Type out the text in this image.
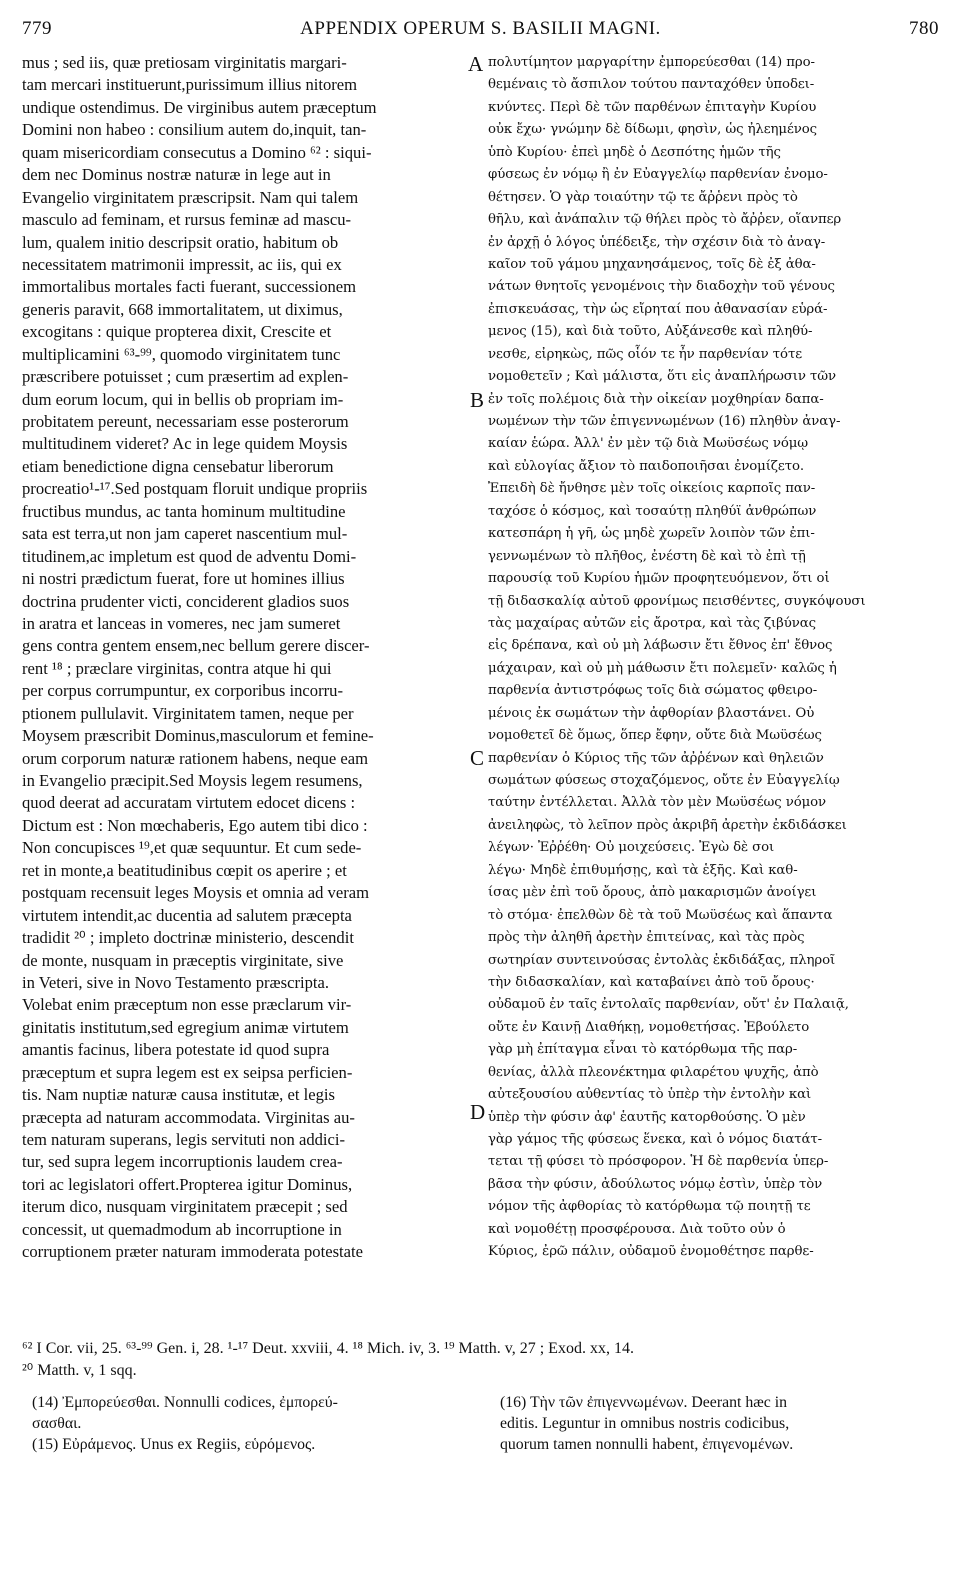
779	APPENDIX OPERUM S. BASILII MAGNI.	780
mus ; sed iis, quæ pretiosam virginitatis margari-
tam mercari instituerunt,purissimum illius nitorem
undique ostendimus. De virginibus autem præceptum
Domini non habeo : consilium autem do,inquit, tan-
quam misericordiam consecutus a Domino ⁶² : siqui-
dem nec Dominus nostræ naturæ in lege aut in
Evangelio virginitatem præscripsit. Nam qui talem
masculo ad feminam, et rursus feminæ ad mascu-
lum, qualem initio descripsit oratio, habitum ob
necessitatem matrimonii impressit, ac iis, qui ex
immortalibus mortales facti fuerant, successionem
generis paravit, 668 immortalitatem, ut diximus,
excogitans : quique propterea dixit, Crescite et
multiplicamini ⁶³-⁹⁹, quomodo virginitatem tunc
præscribere potuisset ; cum præsertim ad explen-
dum eorum locum, qui in bellis ob propriam im-
probitatem pereunt, necessariam esse posterorum
multitudinem videret? Ac in lege quidem Moysis
etiam benedictione digna censebatur liberorum
procreatio¹-¹⁷.Sed postquam floruit undique propriis
fructibus mundus, ac tanta hominum multitudine
sata est terra,ut non jam caperet nascentium mul-
titudinem,ac impletum est quod de adventu Domi-
ni nostri prædictum fuerat, fore ut homines illius
doctrina prudenter victi, conciderent gladios suos
in aratra et lanceas in vomeres, nec jam sumeret
gens contra gentem ensem,nec bellum gerere discer-
rent ¹⁸ ; præclare virginitas, contra atque hi qui
per corpus corrumpuntur, ex corporibus incorru-
ptionem pullulavit. Virginitatem tamen, neque per
Moysem præscribit Dominus,masculorum et femine-
orum corporum naturæ rationem habens, neque eam
in Evangelio præcipit.Sed Moysis legem resumens,
quod deerat ad accuratam virtutem edocet dicens :
Dictum est : Non mœchaberis, Ego autem tibi dico :
Non concupisces ¹⁹,et quæ sequuntur. Et cum sede-
ret in monte,a beatitudinibus cœpit os aperire ; et
postquam recensuit leges Moysis et omnia ad veram
virtutem intendit,ac ducentia ad salutem præcepta
tradidit ²⁰ ; impleto doctrinæ ministerio, descendit
de monte, nusquam in præceptis virginitate, sive
in Veteri, sive in Novo Testamento præscripta.
Volebat enim præceptum non esse præclarum vir-
ginitatis institutum,sed egregium animæ virtutem
amantis facinus, libera potestate id quod supra
præceptum et supra legem est ex seipsa perficien-
tis. Nam nuptiæ naturæ causa institutæ, et legis
præcepta ad naturam accommodata. Virginitas au-
tem naturam superans, legis servituti non addici-
tur, sed supra legem incorruptionis laudem crea-
tori ac legislatori offert.Propterea igitur Dominus,
iterum dico, nusquam virginitatem præcepit ; sed
concessit, ut quemadmodum ab incorruptione in
corruptionem præter naturam immoderata potestate
πολυτίμητον μαργαρίτην ἐμπορεύεσθαι (14) προ-
θεμέναις τὸ ἄσπιλον τούτου πανταχόθεν ὑποδει-
κνύντες. Περὶ δὲ τῶν παρθένων ἐπιταγὴν Κυρίου
οὐκ ἔχω· γνώμην δὲ δίδωμι, φησὶν, ὡς ἠλεημένος
ὑπὸ Κυρίου· ἐπεὶ μηδὲ ὁ Δεσπότης ἡμῶν τῆς
φύσεως ἐν νόμῳ ἢ ἐν Εὐαγγελίῳ παρθενίαν ἐνομο-
θέτησεν. Ὁ γὰρ τοιαύτην τῷ τε ἄῤῥενι πρὸς τὸ
θῆλυ, καὶ ἀνάπαλιν τῷ θήλει πρὸς τὸ ἄῤῥεν, οἵανπερ
ἐν ἀρχῇ ὁ λόγος ὑπέδειξε, τὴν σχέσιν διὰ τὸ ἀναγ-
καῖον τοῦ γάμου μηχανησάμενος, τοῖς δὲ ἐξ ἀθα-
νάτων θνητοῖς γενομένοις τὴν διαδοχὴν τοῦ γένους
ἐπισκευάσας, τὴν ὡς εἴρηταί που ἀθανασίαν εὑρά-
μενος (15), καὶ διὰ τοῦτο, Αὐξάνεσθε καὶ πληθύ-
νεσθε, εἰρηκὼς, πῶς οἷόν τε ἦν παρθενίαν τότε
νομοθετεῖν ; Καὶ μάλιστα, ὅτι εἰς ἀναπλήρωσιν τῶν
ἐν τοῖς πολέμοις διὰ τὴν οἰκείαν μοχθηρίαν δαπα-
νωμένων τὴν τῶν ἐπιγεννωμένων (16) πληθὺν ἀναγ-
καίαν ἑώρα. Ἀλλ' ἐν μὲν τῷ διὰ Μωϋσέως νόμῳ
καὶ εὐλογίας ἄξιον τὸ παιδοποιῆσαι ἐνομίζετο.
Ἐπειδὴ δὲ ἤνθησε μὲν τοῖς οἰκείοις καρποῖς παν-
ταχόσε ὁ κόσμος, καὶ τοσαύτῃ πληθύϊ ἀνθρώπων
κατεσπάρη ἡ γῆ, ὡς μηδὲ χωρεῖν λοιπὸν τῶν ἐπι-
γεννωμένων τὸ πλῆθος, ἐνέστη δὲ καὶ τὸ ἐπὶ τῇ
παρουσίᾳ τοῦ Κυρίου ἡμῶν προφητευόμενον, ὅτι οἱ
τῇ διδασκαλίᾳ αὐτοῦ φρονίμως πεισθέντες, συγκόψουσι
τὰς μαχαίρας αὐτῶν εἰς ἄροτρα, καὶ τὰς ζιβύνας
εἰς δρέπανα, καὶ οὐ μὴ λάβωσιν ἔτι ἔθνος ἐπ' ἔθνος
μάχαιραν, καὶ οὐ μὴ μάθωσιν ἔτι πολεμεῖν· καλῶς ἡ
παρθενία ἀντιστρόφως τοῖς διὰ σώματος φθειρο-
μένοις ἐκ σωμάτων τὴν ἀφθορίαν βλαστάνει. Οὐ
νομοθετεῖ δὲ ὅμως, ὅπερ ἔφην, οὔτε διὰ Μωϋσέως
παρθενίαν ὁ Κύριος τῆς τῶν ἀῤῥένων καὶ θηλειῶν
σωμάτων φύσεως στοχαζόμενος, οὔτε ἐν Εὐαγγελίῳ
ταύτην ἐντέλλεται. Ἀλλὰ τὸν μὲν Μωϋσέως νόμον
ἀνειληφὼς, τὸ λεῖπον πρὸς ἀκριβῆ ἀρετὴν ἐκδιδάσκει
λέγων· Ἐῤῥέθη· Οὐ μοιχεύσεις. Ἐγὼ δὲ σοι
λέγω· Μηδὲ ἐπιθυμήσῃς, καὶ τὰ ἑξῆς. Καὶ καθ-
ίσας μὲν ἐπὶ τοῦ ὄρους, ἀπὸ μακαρισμῶν ἀνοίγει
τὸ στόμα· ἐπελθὼν δὲ τὰ τοῦ Μωϋσέως καὶ ἅπαντα
πρὸς τὴν ἀληθῆ ἀρετὴν ἐπιτείνας, καὶ τὰς πρὸς
σωτηρίαν συντεινούσας ἐντολὰς ἐκδιδάξας, πληροῖ
τὴν διδασκαλίαν, καὶ καταβαίνει ἀπὸ τοῦ ὄρους·
οὐδαμοῦ ἐν ταῖς ἐντολαῖς παρθενίαν, οὔτ' ἐν Παλαιᾷ,
οὔτε ἐν Καινῇ Διαθήκῃ, νομοθετήσας. Ἐβούλετο
γὰρ μὴ ἐπίταγμα εἶναι τὸ κατόρθωμα τῆς παρ-
θενίας, ἀλλὰ πλεονέκτημα φιλαρέτου ψυχῆς, ἀπὸ
αὐτεξουσίου αὐθεντίας τὸ ὑπὲρ τὴν ἐντολὴν καὶ
ὑπὲρ τὴν φύσιν ἀφ' ἑαυτῆς κατορθούσης. Ὁ μὲν
γὰρ γάμος τῆς φύσεως ἕνεκα, καὶ ὁ νόμος διατάτ-
τεται τῇ φύσει τὸ πρόσφορον. Ἡ δὲ παρθενία ὑπερ-
βᾶσα τὴν φύσιν, ἀδούλωτος νόμῳ ἐστὶν, ὑπὲρ τὸν
νόμον τῆς ἀφθορίας τὸ κατόρθωμα τῷ ποιητῇ τε
καὶ νομοθέτῃ προσφέρουσα. Διὰ τοῦτο οὐν ὁ
Κύριος, ἐρῶ πάλιν, οὐδαμοῦ ἐνομοθέτησε παρθε-
A
B
C
D
⁶² I Cor. vii, 25. ⁶³-⁹⁹ Gen. i, 28. ¹-¹⁷ Deut. xxviii, 4. ¹⁸ Mich. iv, 3. ¹⁹ Matth. v, 27 ; Exod. xx, 14.
²⁰ Matth. v, 1 sqq.
(14) Ἐμπορεύεσθαι. Nonnulli codices, ἐμπορεύ-
σασθαι.
(15) Εὐράμενος. Unus ex Regiis, εὑρόμενος.
(16) Τὴν τῶν ἐπιγεννωμένων. Deerant hæc in
editis. Leguntur in omnibus nostris codicibus,
quorum tamen nonnulli habent, ἐπιγενομένων.
